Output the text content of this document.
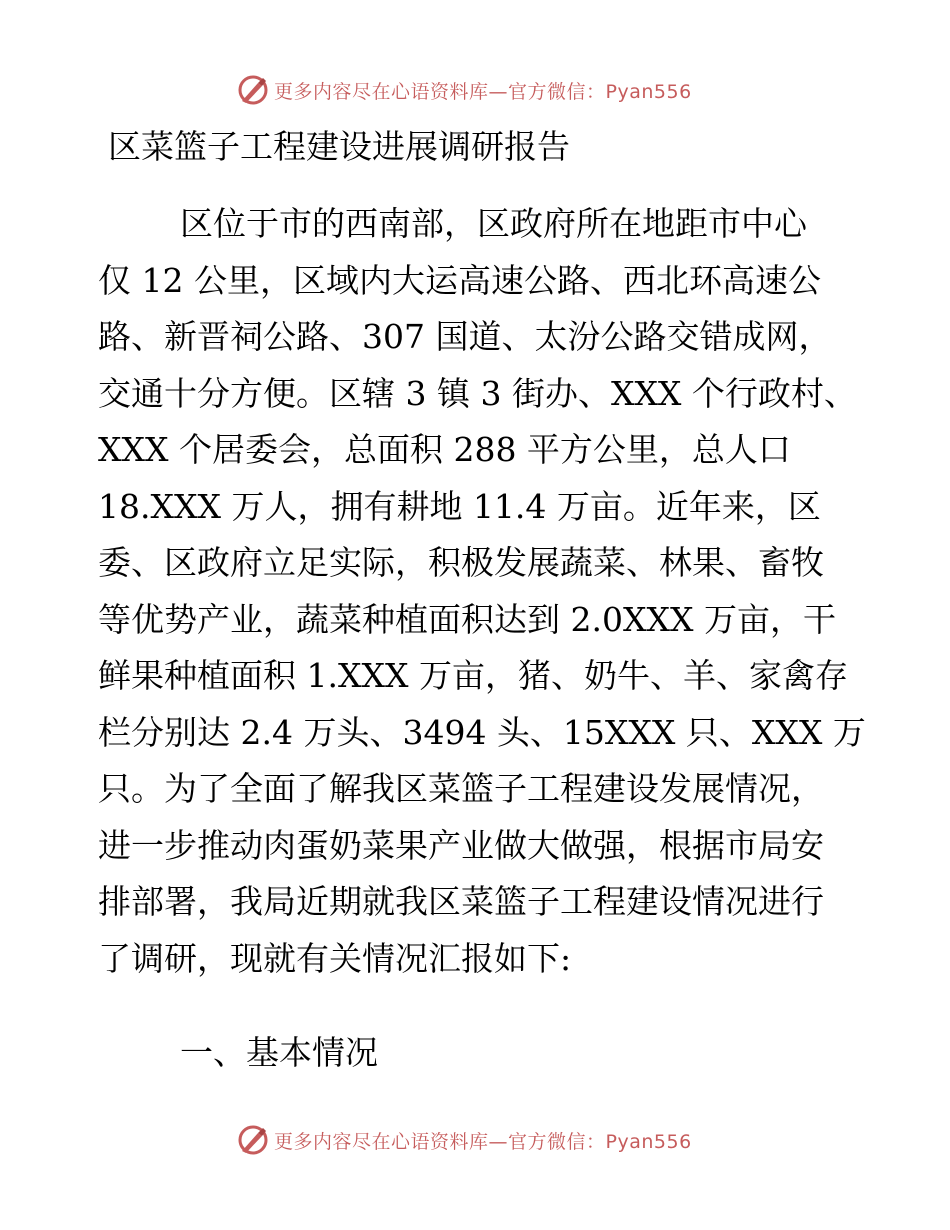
更多内容尽在心语资料库—官方微信：Pyan556
区菜篮子工程建设进展调研报告
区位于市的西南部，区政府所在地距市中心
仅 12 公里，区域内大运高速公路、西北环高速公
路、新晋祠公路、307 国道、太汾公路交错成网，
交通十分方便。区辖 3 镇 3 街办、XXX 个行政村、
XXX 个居委会，总面积 288 平方公里，总人口
18.XXX 万人，拥有耕地 11.4 万亩。近年来，区
委、区政府立足实际，积极发展蔬菜、林果、畜牧
等优势产业，蔬菜种植面积达到 2.0XXX 万亩，干
鲜果种植面积 1.XXX 万亩，猪、奶牛、羊、家禽存
栏分别达 2.4 万头、3494 头、15XXX 只、XXX 万
只。为了全面了解我区菜篮子工程建设发展情况，
进一步推动肉蛋奶菜果产业做大做强，根据市局安
排部署，我局近期就我区菜篮子工程建设情况进行
了调研，现就有关情况汇报如下:
一、基本情况
更多内容尽在心语资料库—官方微信：Pyan556
